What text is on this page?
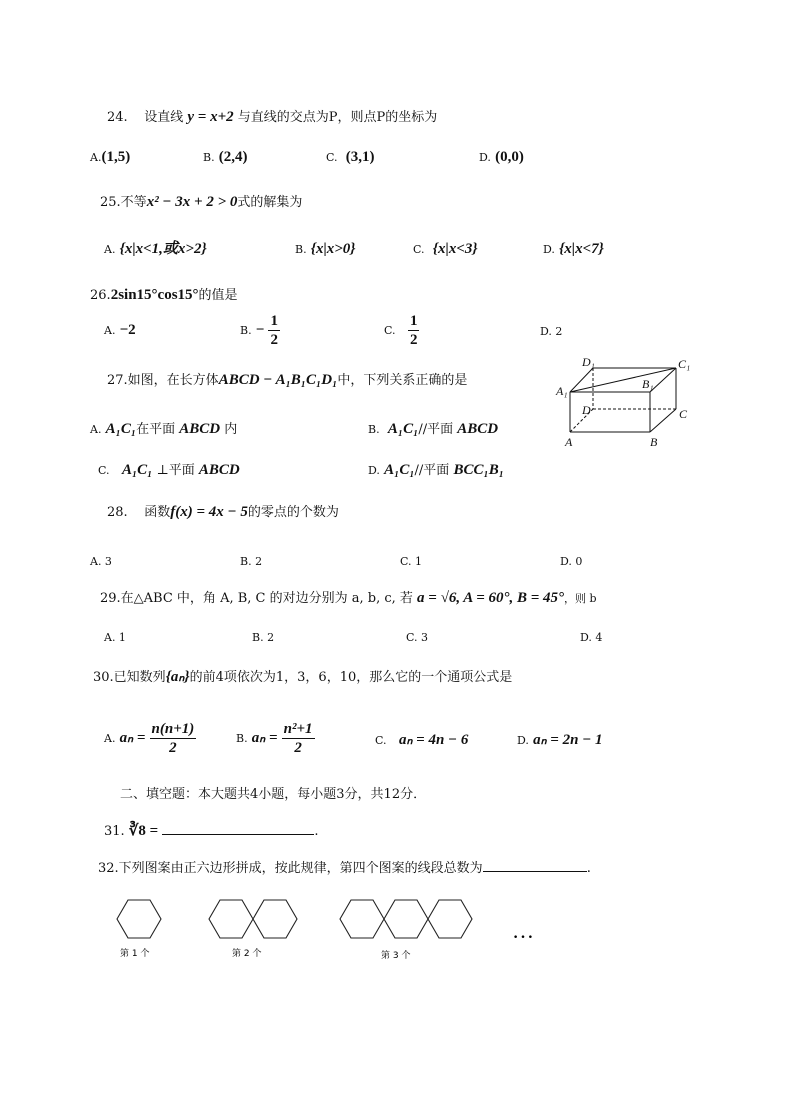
24. 设直线 y = x+2 与直线的交点为P，则点P的坐标为
A.(1,5)	B. (2,4)	C. (3,1)	D. (0,0)
25.不等x² − 3x + 2 > 0式的解集为
A. {x|x<1,或x>2}	B. {x|x>0}	C. {x|x<3}	D. {x|x<7}
26.2sin15°cos15°的值是
A. −2	B. − $\frac{1}{2}$	C. $\frac{1}{2}$	D. 2
27.如图，在长方体ABCD − A₁B₁C₁D₁中，下列关系正确的是
A. A₁C₁在平面 ABCD 内	B. A₁C₁//平面 ABCD
C. A₁C₁ ⊥平面 ABCD	D. A₁C₁//平面 BCC₁B₁
D₁	C₁
A₁	B₁
D	C
A	B
28. 函数f(x) = 4x − 5的零点的个数为
A. 3	B. 2	C. 1	D. 0
29.在△ABC 中，角 A, B, C 的对边分别为 a, b, c, 若 a = √6, A = 60°, B = 45°，则 b
A. 1	B. 2	C. 3	D. 4
30.已知数列{aₙ}的前4项依次为1，3，6，10，那么它的一个通项公式是
A. $a_n = \frac{n(n+1)}{2}$	B. $a_n = \frac{\text{n²+1}}{2}$	C. aₙ = 4n − 6	D. aₙ = 2n − 1
二、填空题：本大题共4小题，每小题3分，共12分．
31. ∛8 =	.
32.下列图案由正六边形拼成，按此规律，第四个图案的线段总数为	.
第 1 个	第 2 个	第 3 个
…
